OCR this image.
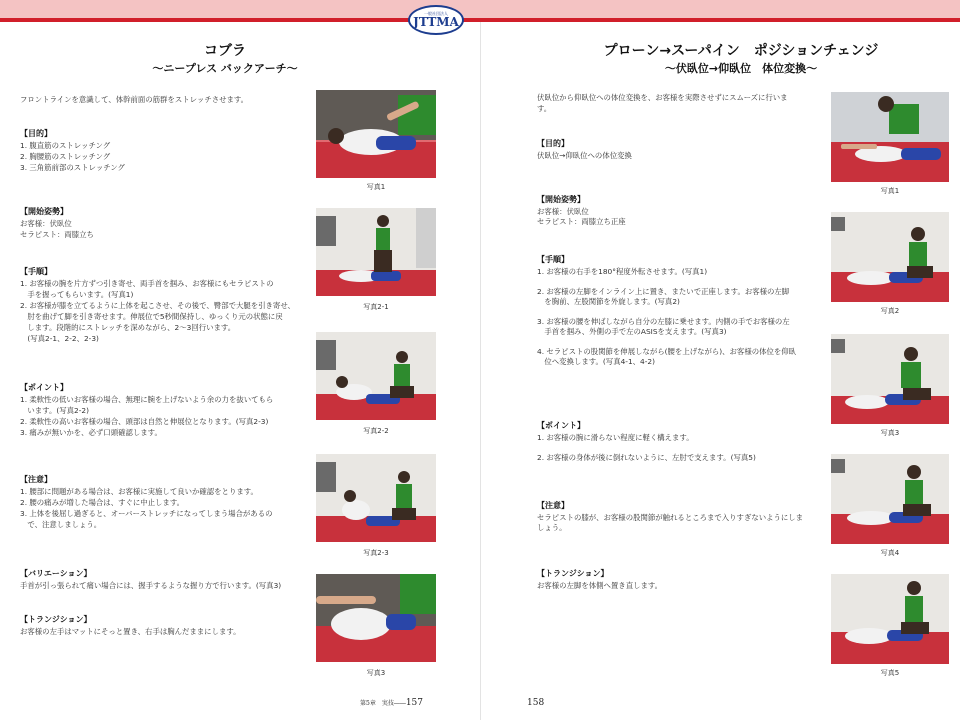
一般社団法人
JTTMA
コブラ
～ニープレス バックアーチ～
フロントラインを意識して、体幹前面の筋群をストレッチさせます。
【目的】
1. 腹直筋のストレッチング
2. 胸腰筋のストレッチング
3. 三角筋前部のストレッチング
【開始姿勢】
お客様：伏臥位
セラピスト：両膝立ち
【手順】
1. お客様の腕を片方ずつ引き寄せ、両手首を掴み、お客様にもセラピストの
　手を握ってもらいます。(写真1)
2. お客様が膝を立てるように上体を起こさせ、その後で、臀部で大腿を引き寄せ、
　肘を曲げて脚を引き寄せます。伸展位で5秒間保持し、ゆっくり元の状態に戻
　します。段階的にストレッチを深めながら、2～3回行います。
　(写真2-1、2-2、2-3)
【ポイント】
1. 柔軟性の低いお客様の場合、無理に腕を上げないよう余の力を抜いてもら
　います。(写真2-2)
2. 柔軟性の高いお客様の場合、頭部は自然と伸展位となります。(写真2-3)
3. 痛みが無いかを、必ず口頭確認します。
【注意】
1. 腰部に問題がある場合は、お客様に実施して良いか確認をとります。
2. 腰の痛みが増した場合は、すぐに中止します。
3. 上体を後屈し過ぎると、オーバーストレッチになってしまう場合があるの
　で、注意しましょう。
【バリエーション】
手首が引っ張られて痛い場合には、握手するような握り方で行います。(写真3)
【トランジション】
お客様の左手はマットにそっと置き、右手は胸んだままにします。
写真1
写真2-1
写真2-2
写真2-3
写真3
第5章　実技――157
プローン→スーパイン　ポジションチェンジ
～伏臥位→仰臥位　体位変換～
伏臥位から仰臥位への体位変換を、お客様を実際させずにスムーズに行いま
す。
【目的】
伏臥位→仰臥位への体位変換
【開始姿勢】
お客様：伏臥位
セラピスト：両膝立ち正座
【手順】
1. お客様の右手を180°程度外転させます。(写真1)
2. お客様の左脚をインライン上に置き、またいで正座します。お客様の左脚
　を胸前、左股関節を外旋します。(写真2)
3. お客様の腰を伸ばしながら自分の左膝に乗せます。内側の手でお客様の左
　手首を掴み、外側の手で左のASISを支えます。(写真3)
4. セラピストの股関節を伸展しながら(腰を上げながら)、お客様の体位を仰臥
　位へ変換します。(写真4-1、4-2)
【ポイント】
1. お客様の腕に滑らない程度に軽く構えます。
2. お客様の身体が後に倒れないように、左肘で支えます。(写真5)
【注意】
セラピストの膝が、お客様の股関節が触れるところまで入りすぎないようにしま
しょう。
【トランジション】
お客様の左脚を体側へ置き直します。
写真1
写真2
写真3
写真4
写真5
158
